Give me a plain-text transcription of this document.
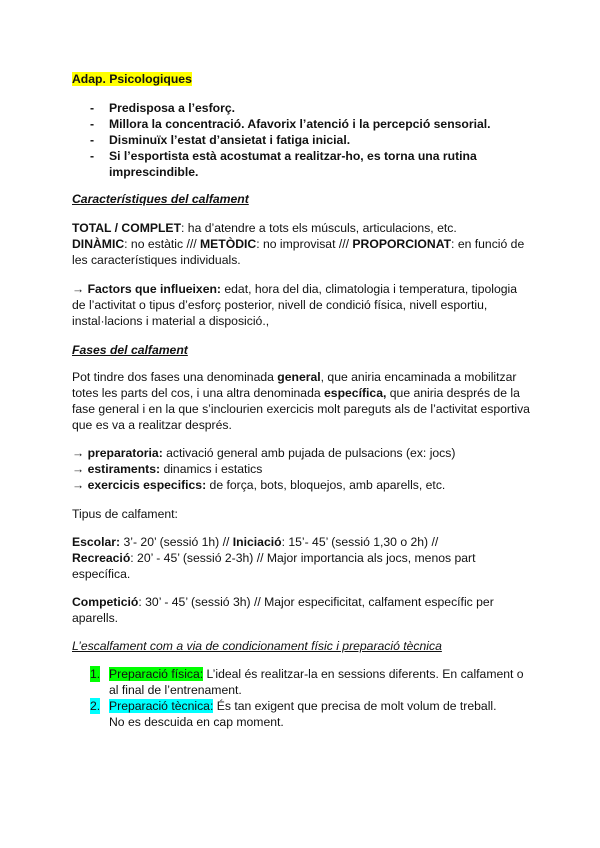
Adap. Psicologiques
- Predisposa a l’esforç.
- Millora la concentració. Afavorix l’atenció i la percepció sensorial.
- Disminuïx l’estat d’ansietat i fatiga inicial.
- Si l’esportista està acostumat a realitzar-ho, es torna una rutina
imprescindible.
Característiques del calfament
TOTAL / COMPLET: ha d’atendre a tots els músculs, articulacions, etc.
DINÀMIC: no estàtic /// METÒDIC: no improvisat /// PROPORCIONAT: en funció de
les característiques individuals.
→ Factors que influeixen: edat, hora del dia, climatologia i temperatura, tipologia
de l’activitat o tipus d’esforç posterior, nivell de condició física, nivell esportiu,
instal·lacions i material a disposició.,
Fases del calfament
Pot tindre dos fases una denominada general, que aniria encaminada a mobilitzar
totes les parts del cos, i una altra denominada específica, que aniria després de la
fase general i en la que s’inclourien exercicis molt pareguts als de l’activitat esportiva
que es va a realitzar després.
→ preparatoria: activació general amb pujada de pulsacions (ex: jocs)
→ estiraments: dinamics i estatics
→ exercicis especifics: de força, bots, bloquejos, amb aparells, etc.
Tipus de calfament:
Escolar: 3’- 20’ (sessió 1h) // Iniciació: 15’- 45’ (sessió 1,30 o 2h) //
Recreació: 20’ - 45’ (sessió 2-3h) // Major importancia als jocs, menos part
específica.
Competició: 30’ - 45’ (sessió 3h) // Major especificitat, calfament específic per
aparells.
L’escalfament com a via de condicionament físic i preparació tècnica
1. Preparació física: L’ideal és realitzar-la en sessions diferents. En calfament o
al final de l’entrenament.
2. Preparació tècnica: És tan exigent que precisa de molt volum de treball.
No es descuida en cap moment.
